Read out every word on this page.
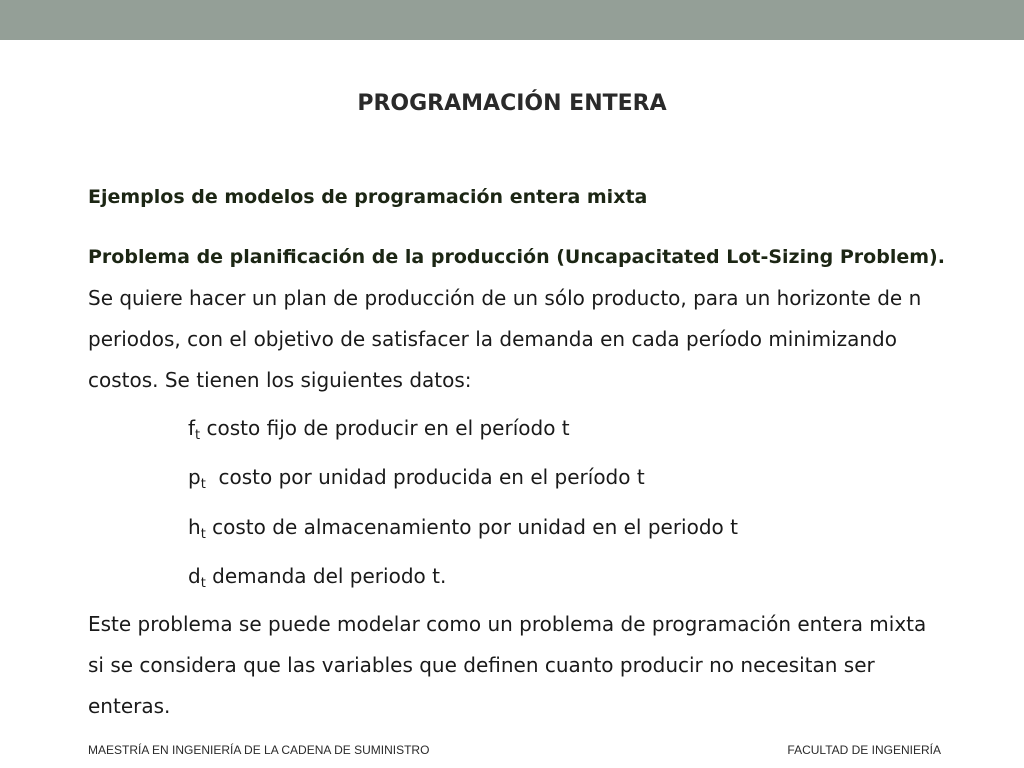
PROGRAMACIÓN ENTERA
Ejemplos de modelos de programación entera mixta
Problema de planificación de la producción (Uncapacitated Lot-Sizing Problem). Se quiere hacer un plan de producción de un sólo producto, para un horizonte de n periodos, con el objetivo de satisfacer la demanda en cada período minimizando costos. Se tienen los siguientes datos:
$f_t$ costo fijo de producir en el período t
$p_t$  costo por unidad producida en el período t
$h_t$ costo de almacenamiento por unidad en el periodo t
$d_t$ demanda del periodo t.
Este problema se puede modelar como un problema de programación entera mixta si se considera que las variables que definen cuanto producir no necesitan ser enteras.
MAESTRÍA EN INGENIERÍA DE LA CADENA DE SUMINISTRO	FACULTAD DE INGENIERÍA
